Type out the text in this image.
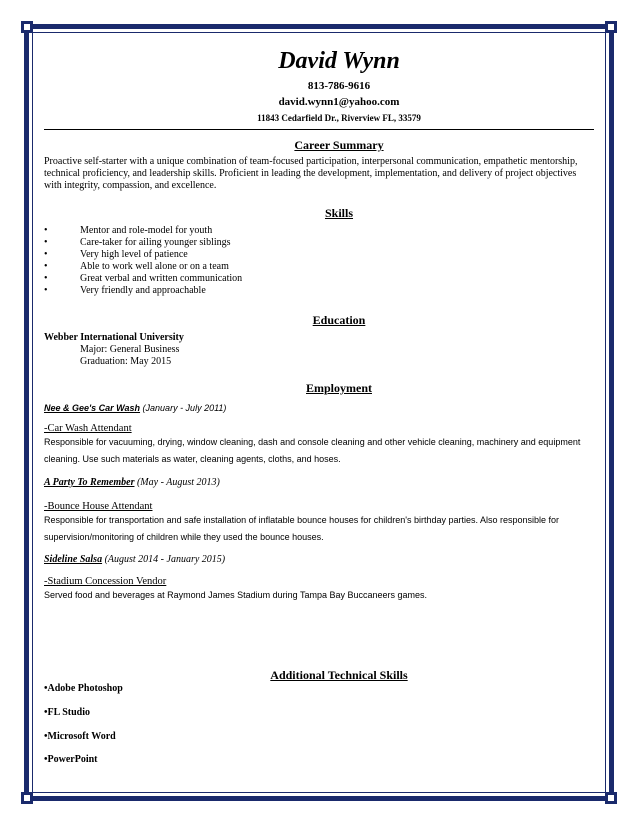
David Wynn
813-786-9616
david.wynn1@yahoo.com
11843 Cedarfield Dr., Riverview FL, 33579
Career Summary
Proactive self-starter with a unique combination of team-focused participation, interpersonal communication, empathetic mentorship, technical proficiency, and leadership skills. Proficient in leading the development, implementation, and delivery of project objectives with integrity, compassion, and excellence.
Skills
•	Mentor and role-model for youth
•	Care-taker for ailing younger siblings
•	Very high level of patience
•	Able to work well alone or on a team
•	Great verbal and written communication
•	Very friendly and approachable
Education
Webber International University
Major: General Business
Graduation: May 2015
Employment
Nee & Gee's Car Wash (January - July 2011)
-Car Wash Attendant
Responsible for vacuuming, drying, window cleaning, dash and console cleaning and other vehicle cleaning, machinery and equipment cleaning. Use such materials as water, cleaning agents, cloths, and hoses.
A Party To Remember (May - August 2013)
-Bounce House Attendant
Responsible for transportation and safe installation of inflatable bounce houses for children's birthday parties. Also responsible for supervision/monitoring of children while they used the bounce houses.
Sideline Salsa (August 2014 - January 2015)
-Stadium Concession Vendor
Served food and beverages at Raymond James Stadium during Tampa Bay Buccaneers games.
Additional Technical Skills
•Adobe Photoshop
•FL Studio
•Microsoft Word
•PowerPoint
